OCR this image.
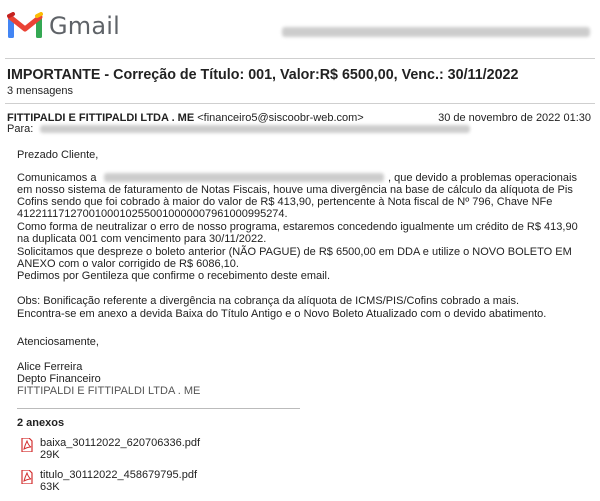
Gmail
IMPORTANTE - Correção de Título: 001, Valor:R$ 6500,00, Venc.: 30/11/2022
3 mensagens
FITTIPALDI E FITTIPALDI LTDA . ME <financeiro5@siscoobr-web.com>	30 de novembro de 2022 01:30
Para:
Prezado Cliente,
Comunicamos a	, que devido a problemas operacionais
em nosso sistema de faturamento de Notas Fiscais, houve uma divergência na base de cálculo da alíquota de Pis
Cofins sendo que foi cobrado à maior do valor de R$ 413,90, pertencente à Nota fiscal de Nº 796, Chave NFe
41221117127001000102550010000007961000995274.
Como forma de neutralizar o erro de nosso programa, estaremos concedendo igualmente um crédito de R$ 413,90
na duplicata 001 com vencimento para 30/11/2022.
Solicitamos que despreze o boleto anterior (NÃO PAGUE) de R$ 6500,00 em DDA e utilize o NOVO BOLETO EM
ANEXO com o valor corrigido de R$ 6086,10.
Pedimos por Gentileza que confirme o recebimento deste email.
Obs: Bonificação referente a divergência na cobrança da alíquota de ICMS/PIS/Cofins cobrado a mais.
Encontra-se em anexo a devida Baixa do Título Antigo e o Novo Boleto Atualizado com o devido abatimento.
Atenciosamente,
Alice Ferreira
Depto Financeiro
FITTIPALDI E FITTIPALDI LTDA . ME
2 anexos
baixa_30112022_620706336.pdf
29K
titulo_30112022_458679795.pdf
63K
